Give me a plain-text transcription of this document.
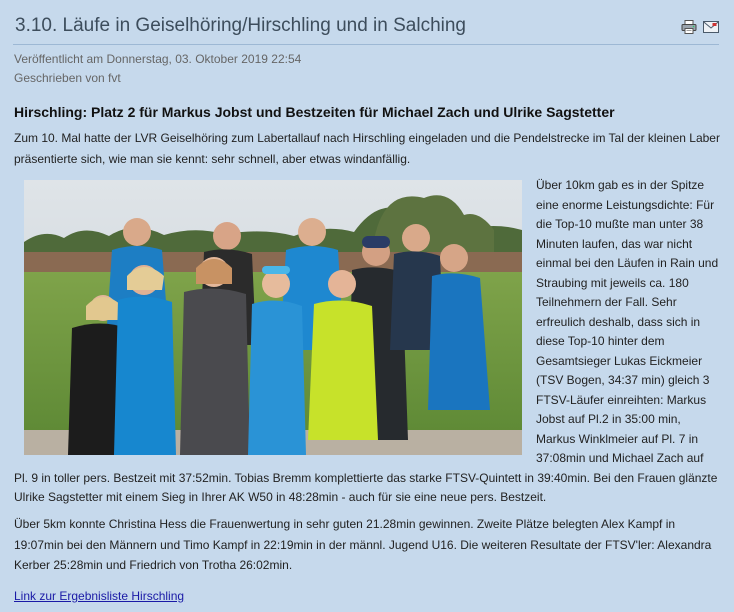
3.10. Läufe in Geiselhöring/Hirschling und in Salching
Veröffentlicht am Donnerstag, 03. Oktober 2019 22:54
Geschrieben von fvt
Hirschling: Platz 2 für Markus Jobst und Bestzeiten für Michael Zach und Ulrike Sagstetter

Zum 10. Mal hatte der LVR Geiselhöring zum Labertallauf nach Hirschling eingeladen und die Pendelstrecke im Tal der kleinen Laber präsentierte sich, wie man sie kennt: sehr schnell, aber etwas windanfällig.

Über 10km gab es in der Spitze eine enorme Leistungsdichte: Für die Top-10 mußte man unter 38 Minuten laufen, das war nicht einmal bei den Läufen in Rain und Straubing mit jeweils ca. 180 Teilnehmern der Fall. Sehr erfreulich deshalb, dass sich in diese Top-10 hinter dem Gesamtsieger Lukas Eickmeier (TSV Bogen, 34:37 min) gleich 3 FTSV-Läufer einreihten: Markus Jobst auf Pl.2 in 35:00 min, Markus Winklmeier auf Pl. 7 in 37:08min und Michael Zach auf Pl. 9 in toller pers. Bestzeit mit 37:52min. Tobias Bremm komplettierte das starke FTSV-Quintett in 39:40min. Bei den Frauen glänzte Ulrike Sagstetter mit einem Sieg in Ihrer AK W50 in 48:28min - auch für sie eine neue pers. Bestzeit.

Über 5km konnte Christina Hess die Frauenwertung in sehr guten 21.28min gewinnen. Zweite Plätze belegten Alex Kampf in 19:07min bei den Männern und Timo Kampf in 22:19min in der männl. Jugend U16. Die weiteren Resultate der FTSV'ler: Alexandra Kerber 25:28min und Friedrich von Trotha 26:02min.

Link zur Ergebnisliste Hirschling
